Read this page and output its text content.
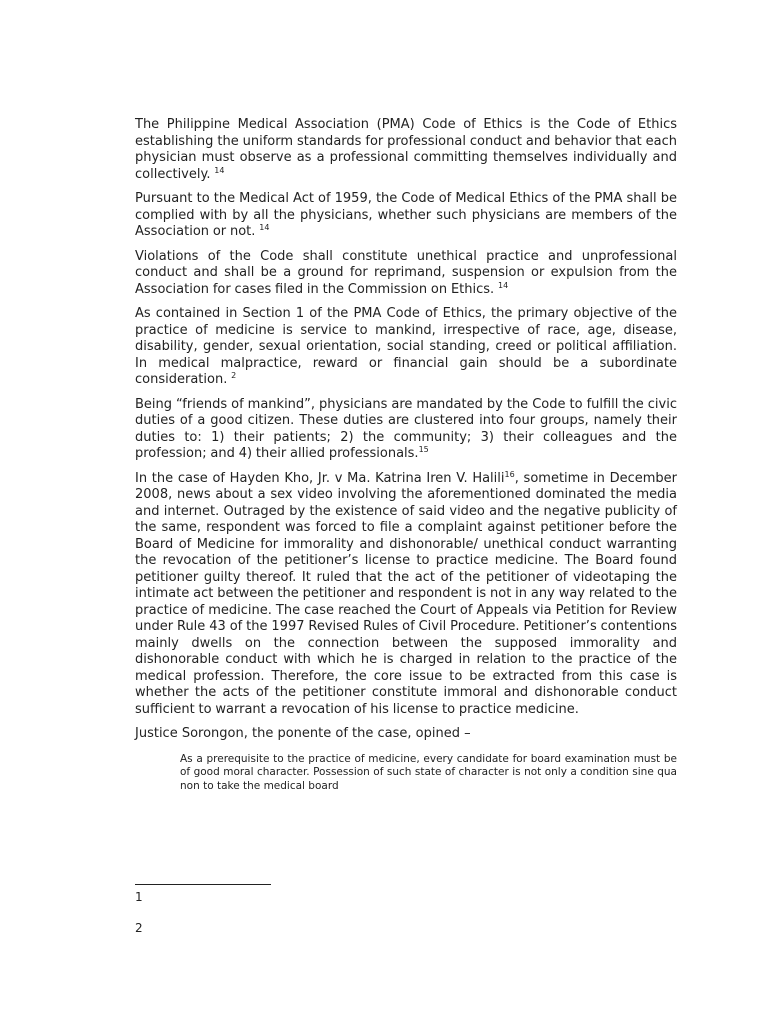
The Philippine Medical Association (PMA) Code of Ethics is the Code of Ethics establishing the uniform standards for professional conduct and behavior that each physician must observe as a professional committing themselves individually and collectively. $^{14}$

Pursuant to the Medical Act of 1959, the Code of Medical Ethics of the PMA shall be complied with by all the physicians, whether such physicians are members of the Association or not. $^{14}$

Violations of the Code shall constitute unethical practice and unprofessional conduct and shall be a ground for reprimand, suspension or expulsion from the Association for cases filed in the Commission on Ethics. $^{14}$

As contained in Section 1 of the PMA Code of Ethics, the primary objective of the practice of medicine is service to mankind, irrespective of race, age, disease, disability, gender, sexual orientation, social standing, creed or political affiliation. In medical malpractice, reward or financial gain should be a subordinate consideration. $^2$

Being “friends of mankind”, physicians are mandated by the Code to fulfill the civic duties of a good citizen. These duties are clustered into four groups, namely their duties to: 1) their patients; 2) the community; 3) their colleagues and the profession; and 4) their allied professionals.$^{15}$

In the case of Hayden Kho, Jr. v Ma. Katrina Iren V. Halili$^{16}$, sometime in December 2008, news about a sex video involving the aforementioned dominated the media and internet. Outraged by the existence of said video and the negative publicity of the same, respondent was forced to file a complaint against petitioner before the Board of Medicine for immorality and dishonorable/ unethical conduct warranting the revocation of the petitioner’s license to practice medicine. The Board found petitioner guilty thereof. It ruled that the act of the petitioner of videotaping the intimate act between the petitioner and respondent is not in any way related to the practice of medicine. The case reached the Court of Appeals via Petition for Review under Rule 43 of the 1997 Revised Rules of Civil Procedure. Petitioner’s contentions mainly dwells on the connection between the supposed immorality and dishonorable conduct with which he is charged in relation to the practice of the medical profession. Therefore, the core issue to be extracted from this case is whether the acts of the petitioner constitute immoral and dishonorable conduct sufficient to warrant a revocation of his license to practice medicine.

Justice Sorongon, the ponente of the case, opined –

As a prerequisite to the practice of medicine, every candidate for board examination must be of good moral character. Possession of such state of character is not only a condition sine qua non to take the medical board

1
2
